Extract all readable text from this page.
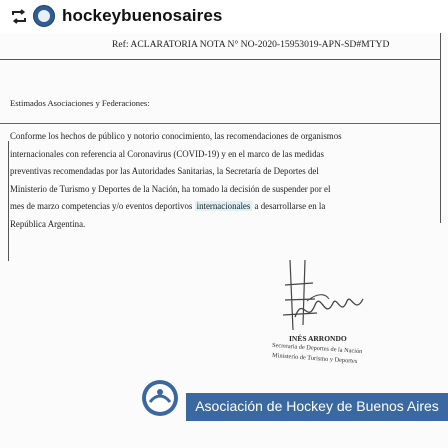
hockeybuenosaires
Ref: ACLARATORIA NOTA N° NO-2020-15953019-APN-SD#MTYD
Estimados Asociaciones y Federaciones:
Conforme los hechos de público y notorio conocimiento, las recomendaciones de organismos
internacionales con referencia al Coronavirus (COVID-19) y en el marco de las medidas
preventivas recomendadas por las Autoridades Sanitarias, la Secretaría de Deportes del
Ministerio de Turismo y Deportes de la Nación, ha tomado la decisión de suspender por el
mes de marzo competencias y/o eventos deportivos internacionales a desarrollarse en la
República Argentina.
INÉS ARRONDO
Secretaria de Deportes de la Nación
Ministerio de Turismo y Deportes
Asociación de Hockey de Buenos Aires
